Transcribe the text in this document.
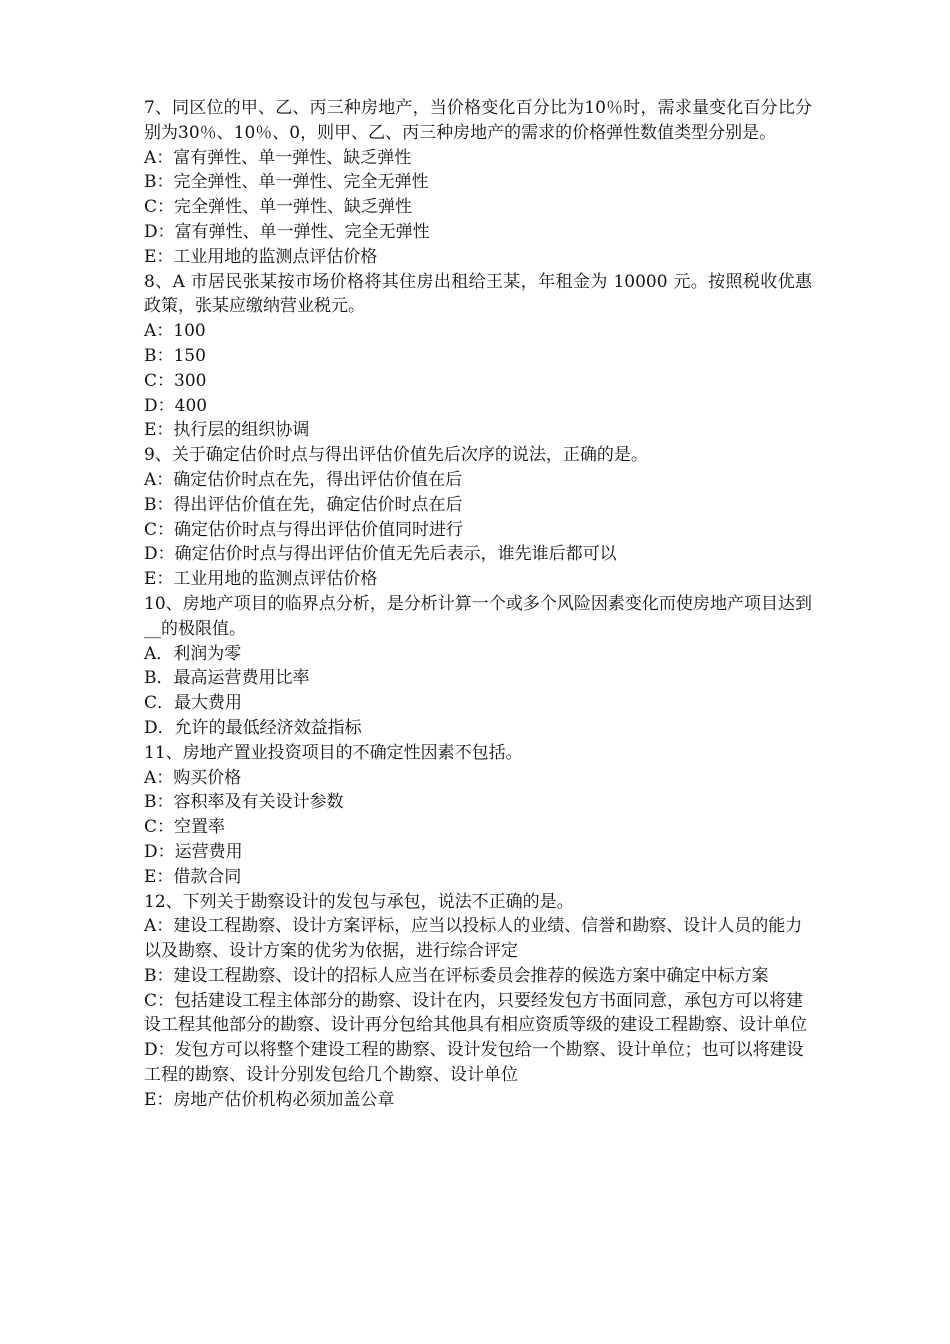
7、同区位的甲、乙、丙三种房地产，当价格变化百分比为10％时，需求量变化百分比分别为30％、10％、0，则甲、乙、丙三种房地产的需求的价格弹性数值类型分别是。

A：富有弹性、单一弹性、缺乏弹性

B：完全弹性、单一弹性、完全无弹性

C：完全弹性、单一弹性、缺乏弹性

D：富有弹性、单一弹性、完全无弹性

E：工业用地的监测点评估价格

8、A 市居民张某按市场价格将其住房出租给王某，年租金为 10000 元。按照税收优惠政策，张某应缴纳营业税元。

A：100

B：150

C：300

D：400

E：执行层的组织协调

9、关于确定估价时点与得出评估价值先后次序的说法，正确的是。

A：确定估价时点在先，得出评估价值在后

B：得出评估价值在先，确定估价时点在后

C：确定估价时点与得出评估价值同时进行

D：确定估价时点与得出评估价值无先后表示，谁先谁后都可以

E：工业用地的监测点评估价格

10、房地产项目的临界点分析，是分析计算一个或多个风险因素变化而使房地产项目达到__的极限值。

A．利润为零

B．最高运营费用比率

C．最大费用

D．允许的最低经济效益指标

11、房地产置业投资项目的不确定性因素不包括。

A：购买价格

B：容积率及有关设计参数

C：空置率

D：运营费用

E：借款合同

12、下列关于勘察设计的发包与承包，说法不正确的是。

A：建设工程勘察、设计方案评标，应当以投标人的业绩、信誉和勘察、设计人员的能力以及勘察、设计方案的优劣为依据，进行综合评定

B：建设工程勘察、设计的招标人应当在评标委员会推荐的候选方案中确定中标方案

C：包括建设工程主体部分的勘察、设计在内，只要经发包方书面同意，承包方可以将建设工程其他部分的勘察、设计再分包给其他具有相应资质等级的建设工程勘察、设计单位

D：发包方可以将整个建设工程的勘察、设计发包给一个勘察、设计单位；也可以将建设工程的勘察、设计分别发包给几个勘察、设计单位

E：房地产估价机构必须加盖公章
